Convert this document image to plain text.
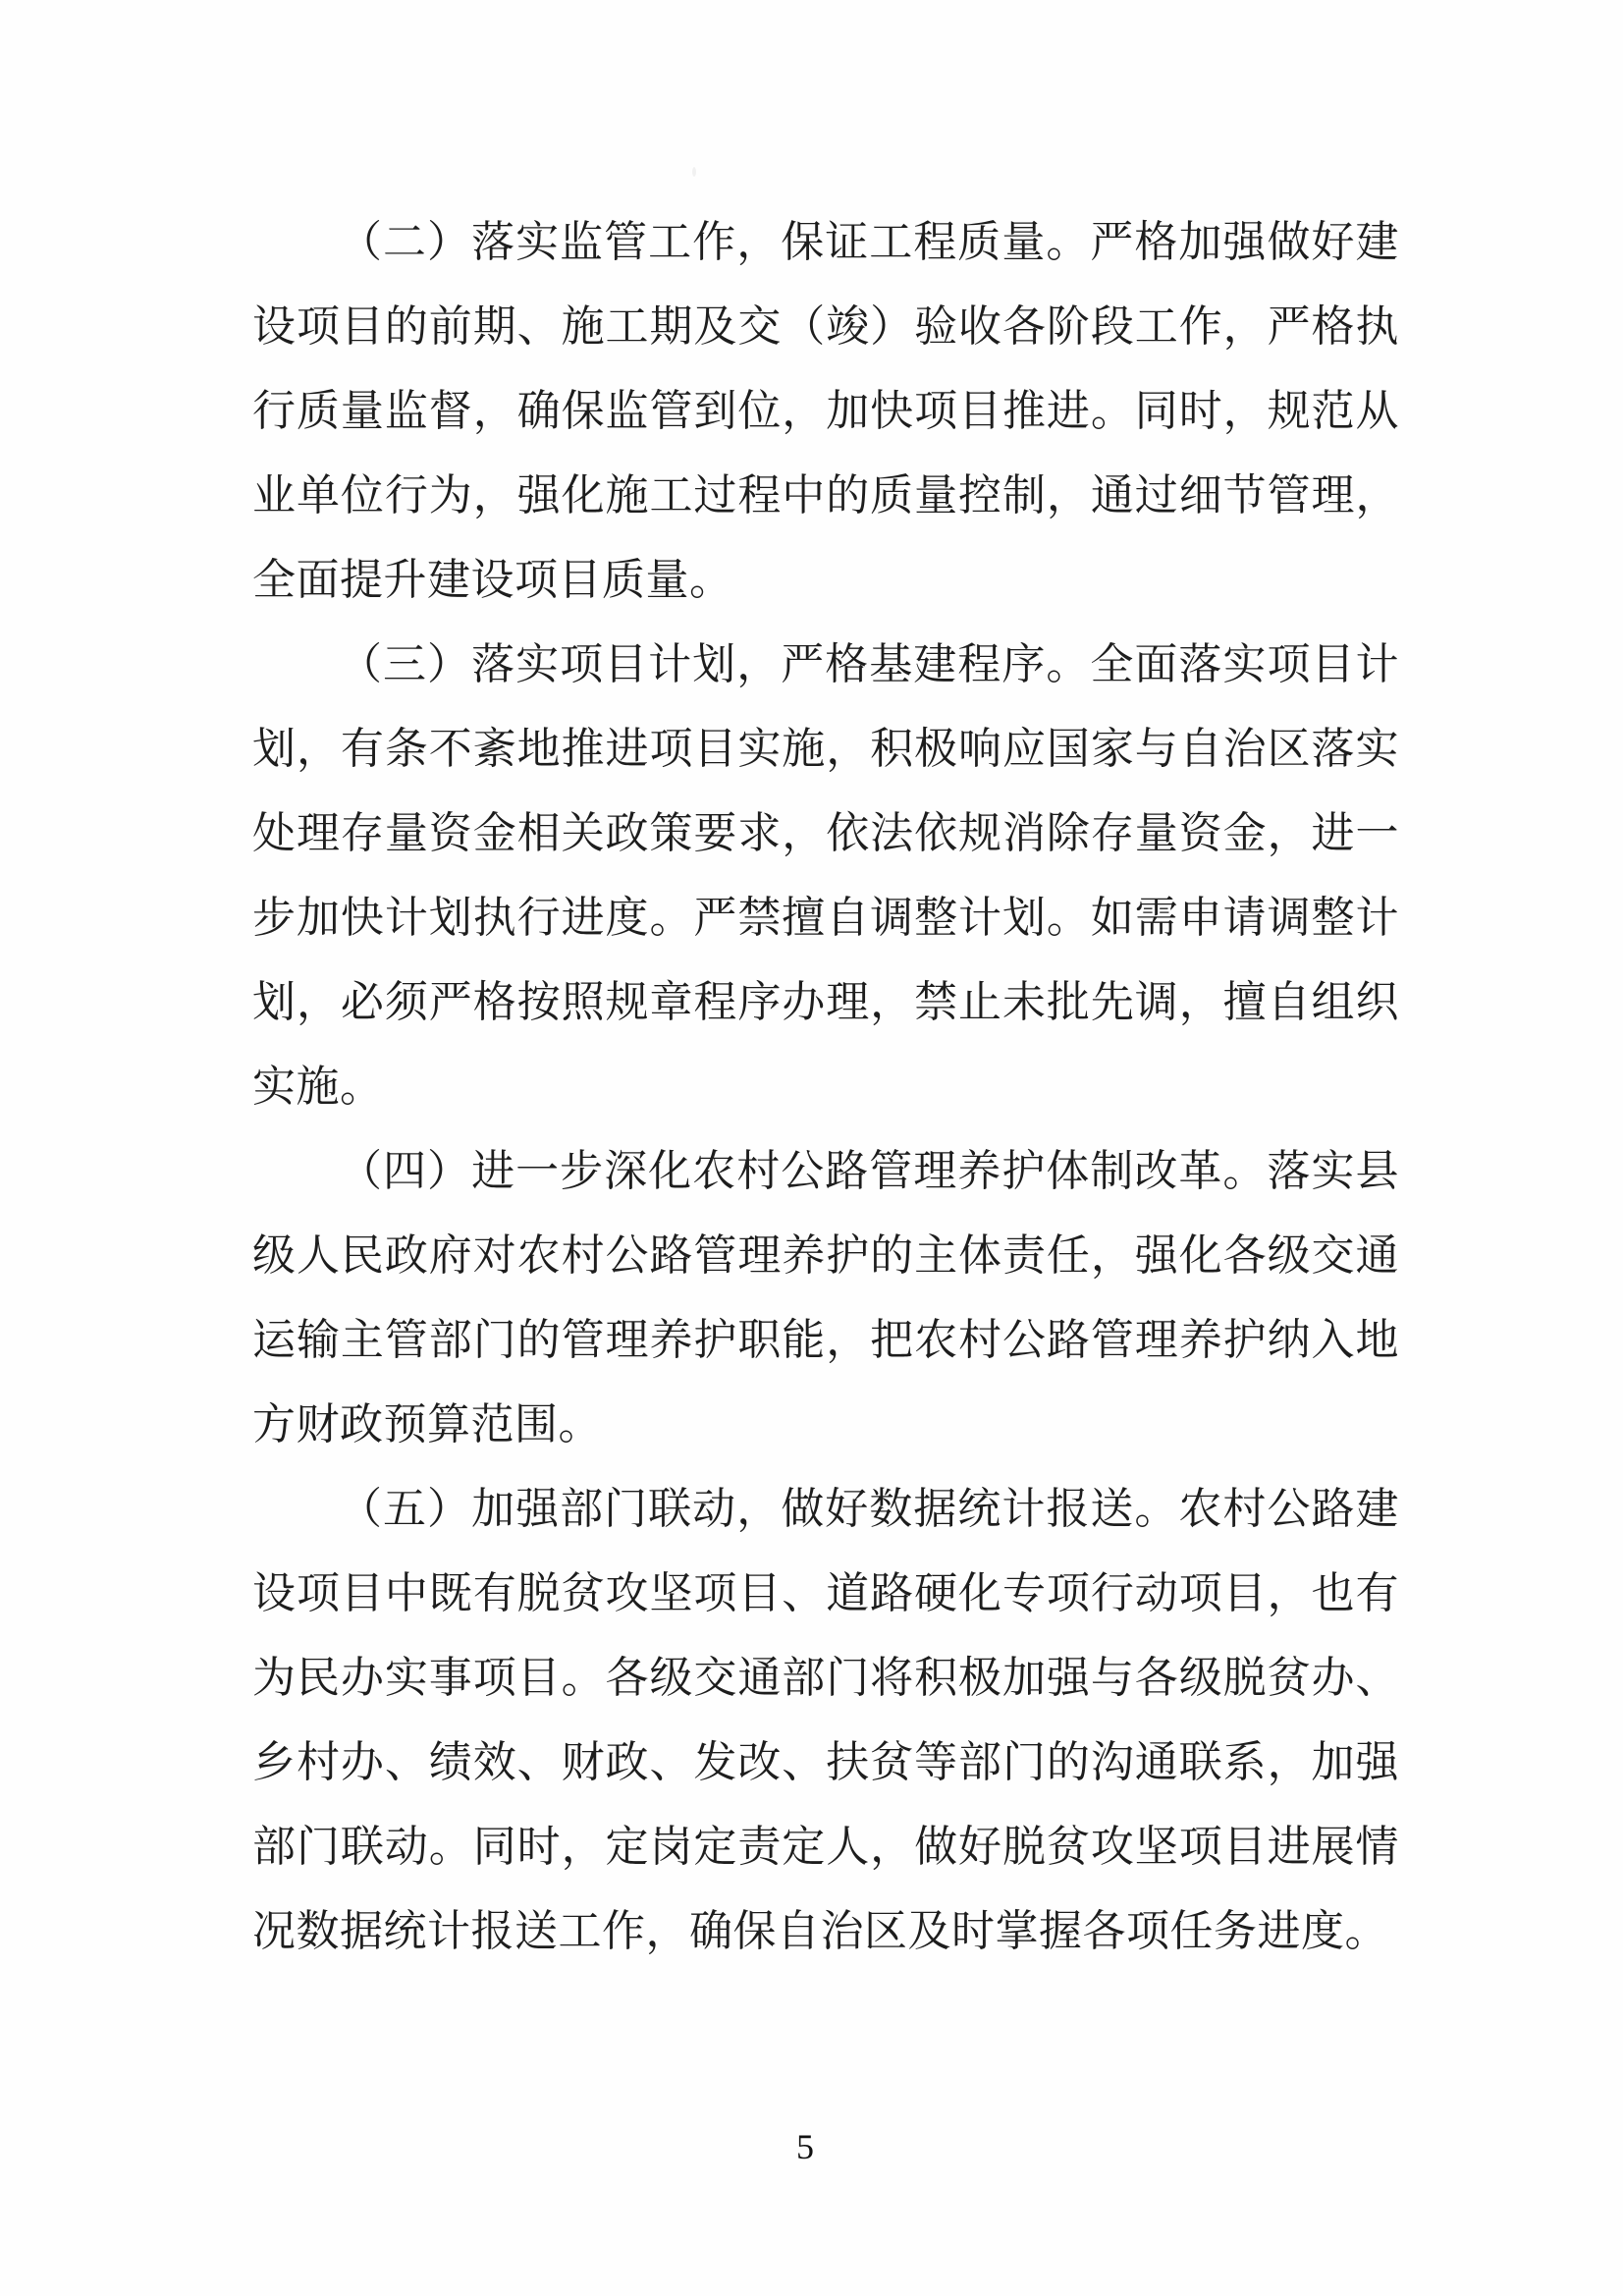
（二）落实监管工作，保证工程质量。严格加强做好建
设项目的前期、施工期及交（竣）验收各阶段工作，严格执
行质量监督，确保监管到位，加快项目推进。同时，规范从
业单位行为，强化施工过程中的质量控制，通过细节管理，
全面提升建设项目质量。
（三）落实项目计划，严格基建程序。全面落实项目计
划，有条不紊地推进项目实施，积极响应国家与自治区落实
处理存量资金相关政策要求，依法依规消除存量资金，进一
步加快计划执行进度。严禁擅自调整计划。如需申请调整计
划，必须严格按照规章程序办理，禁止未批先调，擅自组织
实施。
（四）进一步深化农村公路管理养护体制改革。落实县
级人民政府对农村公路管理养护的主体责任，强化各级交通
运输主管部门的管理养护职能，把农村公路管理养护纳入地
方财政预算范围。
（五）加强部门联动，做好数据统计报送。农村公路建
设项目中既有脱贫攻坚项目、道路硬化专项行动项目，也有
为民办实事项目。各级交通部门将积极加强与各级脱贫办、
乡村办、绩效、财政、发改、扶贫等部门的沟通联系，加强
部门联动。同时，定岗定责定人，做好脱贫攻坚项目进展情
况数据统计报送工作，确保自治区及时掌握各项任务进度。
5
